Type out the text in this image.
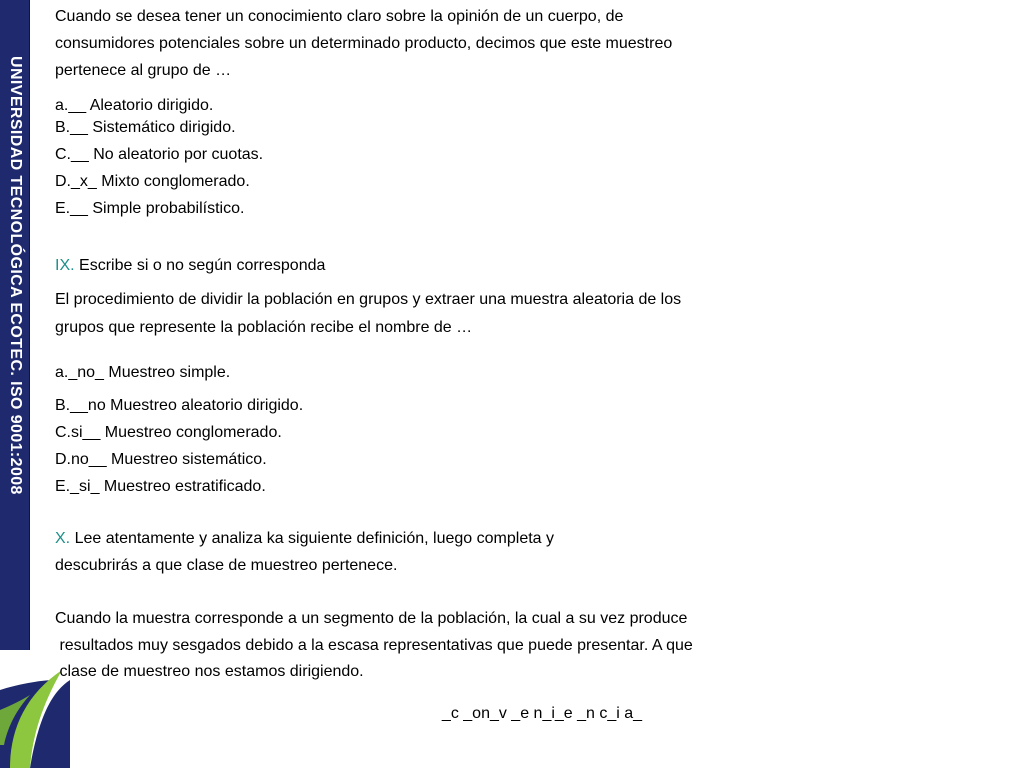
UNIVERSIDAD TECNOLÓGICA ECOTEC. ISO 9001:2008
Cuando se desea tener un conocimiento claro sobre la opinión de un cuerpo, de
consumidores potenciales sobre un determinado producto, decimos que este muestreo
pertenece al grupo de …
a.__ Aleatorio dirigido.
B.__ Sistemático dirigido.
C.__ No aleatorio por cuotas.
D._x_ Mixto conglomerado.
E.__ Simple probabilístico.
IX. Escribe si o no según corresponda
El procedimiento de dividir la población en grupos y extraer una muestra aleatoria de los
grupos que represente la población recibe el nombre de …
a._no_ Muestreo simple.
B.__no Muestreo aleatorio dirigido.
C.si__ Muestreo conglomerado.
D.no__ Muestreo sistemático.
E._si_ Muestreo estratificado.
X. Lee atentamente y analiza ka siguiente definición, luego completa y
descubrirás a que clase de muestreo pertenece.
Cuando la muestra corresponde a un segmento de la población, la cual a su vez produce
resultados muy sesgados debido a la escasa representativas que puede presentar. A que
clase de muestreo nos estamos dirigiendo.
_c _on_v _e n_i_e _n c_i a_
